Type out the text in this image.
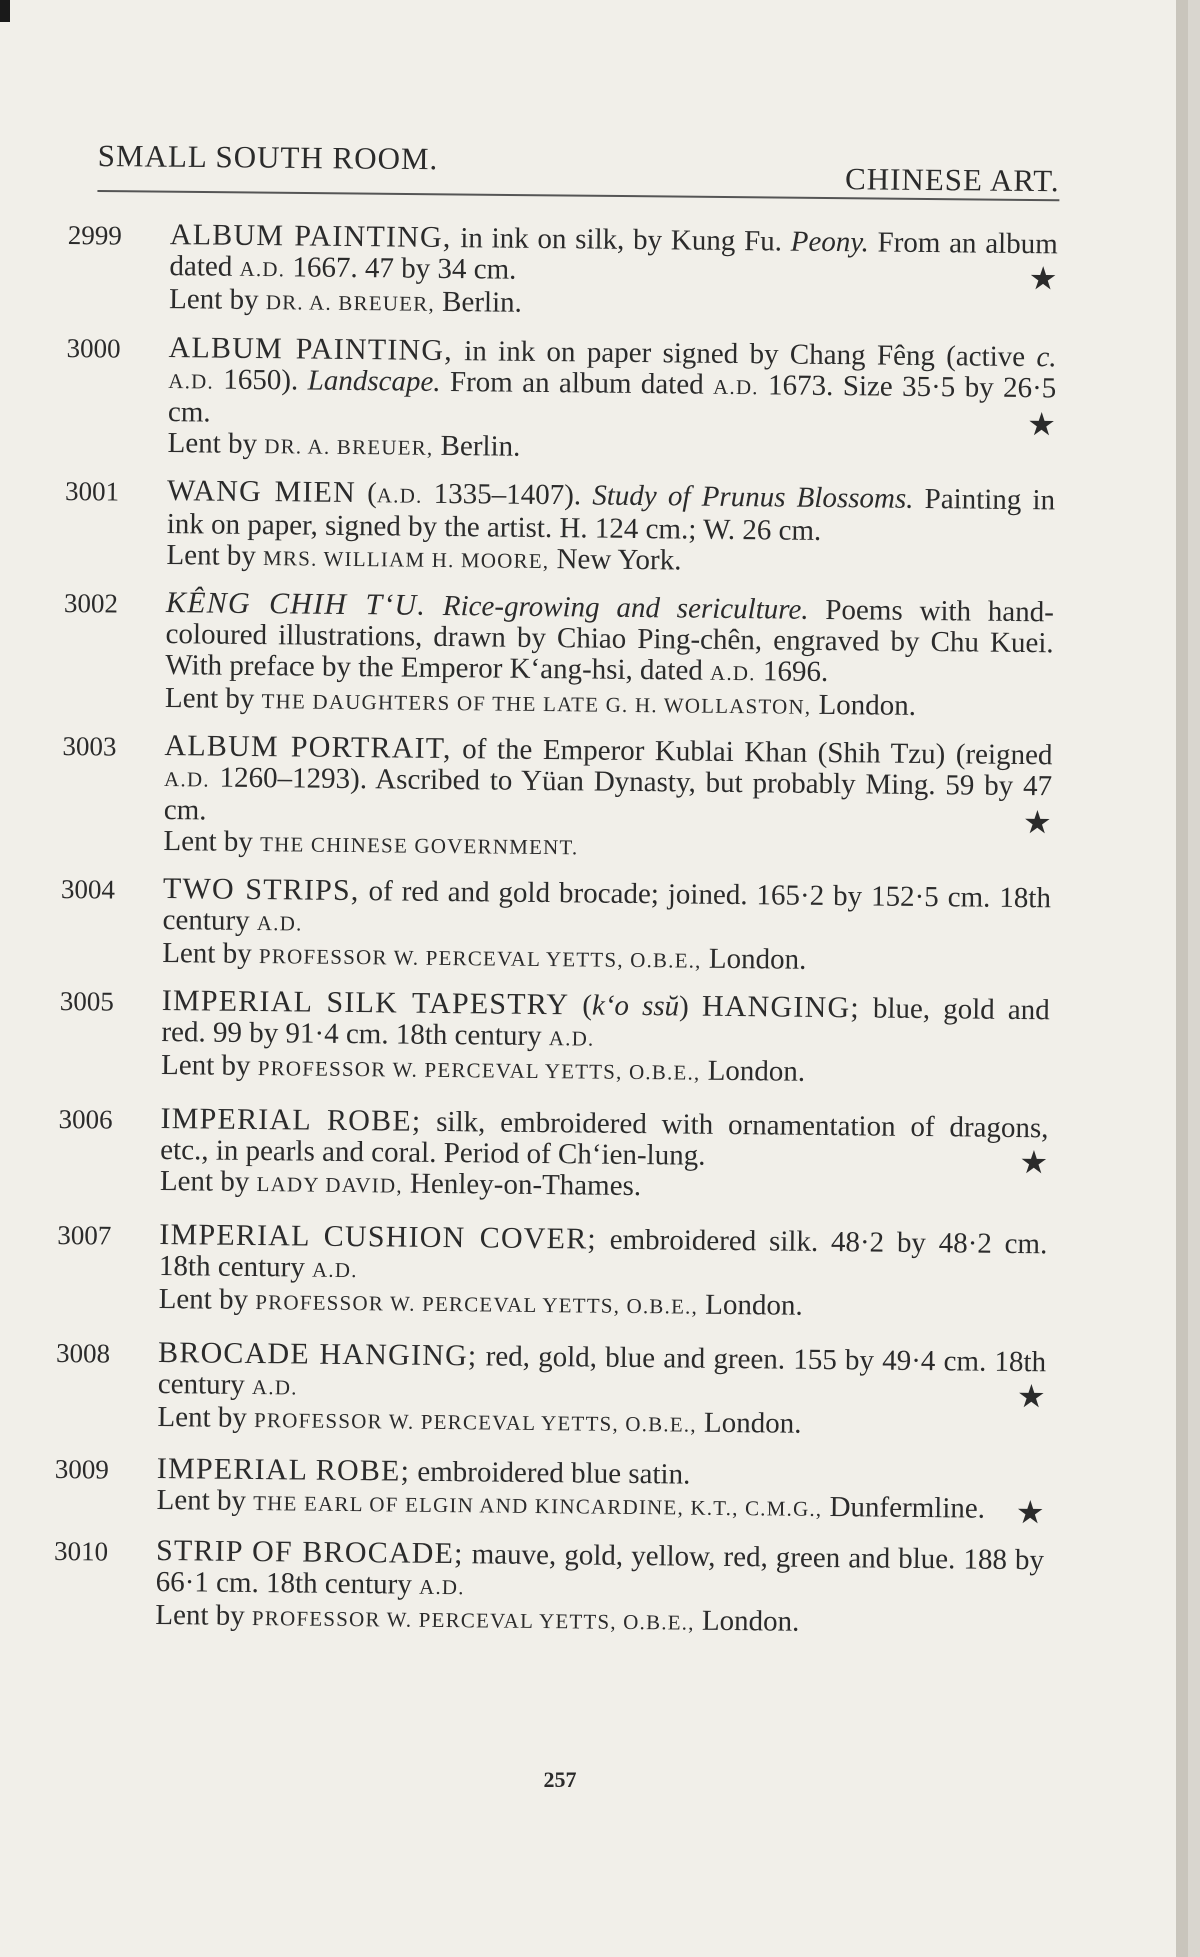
SMALL SOUTH ROOM.
CHINESE ART.
2999	ALBUM PAINTING, in ink on silk, by Kung Fu. Peony. From an album dated A.D. 1667. 47 by 34 cm.	★
Lent by DR. A. BREUER, Berlin.
3000	ALBUM PAINTING, in ink on paper signed by Chang Fêng (active c. A.D. 1650). Landscape. From an album dated A.D. 1673. Size 35·5 by 26·5 cm.	★
Lent by DR. A. BREUER, Berlin.
3001	WANG MIEN (A.D. 1335–1407). Study of Prunus Blossoms. Painting in ink on paper, signed by the artist. H. 124 cm.; W. 26 cm.
Lent by MRS. WILLIAM H. MOORE, New York.
3002	KÊNG CHIH T‘U. Rice-growing and sericulture. Poems with hand-coloured illustrations, drawn by Chiao Ping-chên, engraved by Chu Kuei. With preface by the Emperor K‘ang-hsi, dated A.D. 1696.
Lent by THE DAUGHTERS OF THE LATE G. H. WOLLASTON, London.
3003	ALBUM PORTRAIT, of the Emperor Kublai Khan (Shih Tzu) (reigned A.D. 1260–1293). Ascribed to Yüan Dynasty, but probably Ming. 59 by 47 cm.	★
Lent by THE CHINESE GOVERNMENT.
3004	TWO STRIPS, of red and gold brocade; joined. 165·2 by 152·5 cm. 18th century A.D.
Lent by PROFESSOR W. PERCEVAL YETTS, O.B.E., London.
3005	IMPERIAL SILK TAPESTRY (k‘o ssŭ) HANGING; blue, gold and red. 99 by 91·4 cm. 18th century A.D.
Lent by PROFESSOR W. PERCEVAL YETTS, O.B.E., London.
3006	IMPERIAL ROBE; silk, embroidered with ornamentation of dragons, etc., in pearls and coral. Period of Ch‘ien-lung.	★
Lent by LADY DAVID, Henley-on-Thames.
3007	IMPERIAL CUSHION COVER; embroidered silk. 48·2 by 48·2 cm. 18th century A.D.
Lent by PROFESSOR W. PERCEVAL YETTS, O.B.E., London.
3008	BROCADE HANGING; red, gold, blue and green. 155 by 49·4 cm. 18th century A.D.	★
Lent by PROFESSOR W. PERCEVAL YETTS, O.B.E., London.
3009	IMPERIAL ROBE; embroidered blue satin.
Lent by THE EARL OF ELGIN AND KINCARDINE, K.T., C.M.G., Dunfermline. ★
3010	STRIP OF BROCADE; mauve, gold, yellow, red, green and blue. 188 by 66·1 cm. 18th century A.D.
Lent by PROFESSOR W. PERCEVAL YETTS, O.B.E., London.
257
